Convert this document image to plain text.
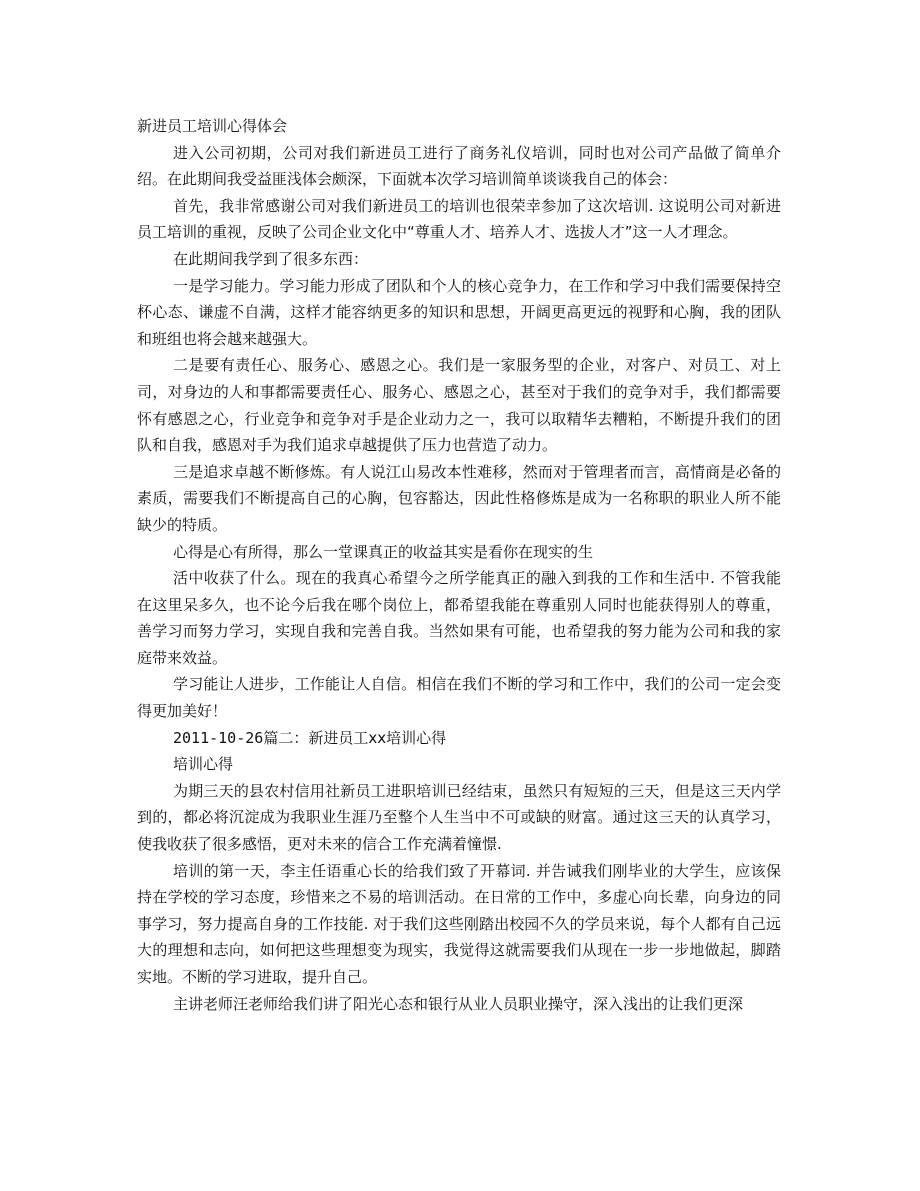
新进员工培训心得体会

进入公司初期，公司对我们新进员工进行了商务礼仪培训，同时也对公司产品做了简单介绍。在此期间我受益匪浅体会颇深，下面就本次学习培训简单谈谈我自己的体会：

首先，我非常感谢公司对我们新进员工的培训也很荣幸参加了这次培训. 这说明公司对新进员工培训的重视，反映了公司企业文化中“尊重人才、培养人才、选拔人才”这一人才理念。

在此期间我学到了很多东西：

一是学习能力。学习能力形成了团队和个人的核心竞争力，在工作和学习中我们需要保持空杯心态、谦虚不自满，这样才能容纳更多的知识和思想，开阔更高更远的视野和心胸，我的团队和班组也将会越来越强大。

二是要有责任心、服务心、感恩之心。我们是一家服务型的企业，对客户、对员工、对上司，对身边的人和事都需要责任心、服务心、感恩之心，甚至对于我们的竞争对手，我们都需要怀有感恩之心，行业竞争和竞争对手是企业动力之一，我可以取精华去糟粕，不断提升我们的团队和自我，感恩对手为我们追求卓越提供了压力也营造了动力。

三是追求卓越不断修炼。有人说江山易改本性难移，然而对于管理者而言，高情商是必备的素质，需要我们不断提高自己的心胸，包容豁达，因此性格修炼是成为一名称职的职业人所不能缺少的特质。

心得是心有所得，那么一堂课真正的收益其实是看你在现实的生

活中收获了什么。现在的我真心希望今之所学能真正的融入到我的工作和生活中. 不管我能在这里呆多久，也不论今后我在哪个岗位上，都希望我能在尊重别人同时也能获得别人的尊重，善学习而努力学习，实现自我和完善自我。当然如果有可能，也希望我的努力能为公司和我的家庭带来效益。

学习能让人进步，工作能让人自信。相信在我们不断的学习和工作中，我们的公司一定会变得更加美好！

2011-10-26篇二：新进员工xx培训心得

培训心得

为期三天的县农村信用社新员工进职培训已经结束，虽然只有短短的三天，但是这三天内学到的，都必将沉淀成为我职业生涯乃至整个人生当中不可或缺的财富。通过这三天的认真学习，使我收获了很多感悟，更对未来的信合工作充满着憧憬.

培训的第一天，李主任语重心长的给我们致了开幕词. 并告诫我们刚毕业的大学生，应该保持在学校的学习态度，珍惜来之不易的培训活动。在日常的工作中，多虚心向长辈，向身边的同事学习，努力提高自身的工作技能. 对于我们这些刚踏出校园不久的学员来说，每个人都有自己远大的理想和志向，如何把这些理想变为现实，我觉得这就需要我们从现在一步一步地做起，脚踏实地。不断的学习进取，提升自己。

主讲老师汪老师给我们讲了阳光心态和银行从业人员职业操守，深入浅出的让我们更深
